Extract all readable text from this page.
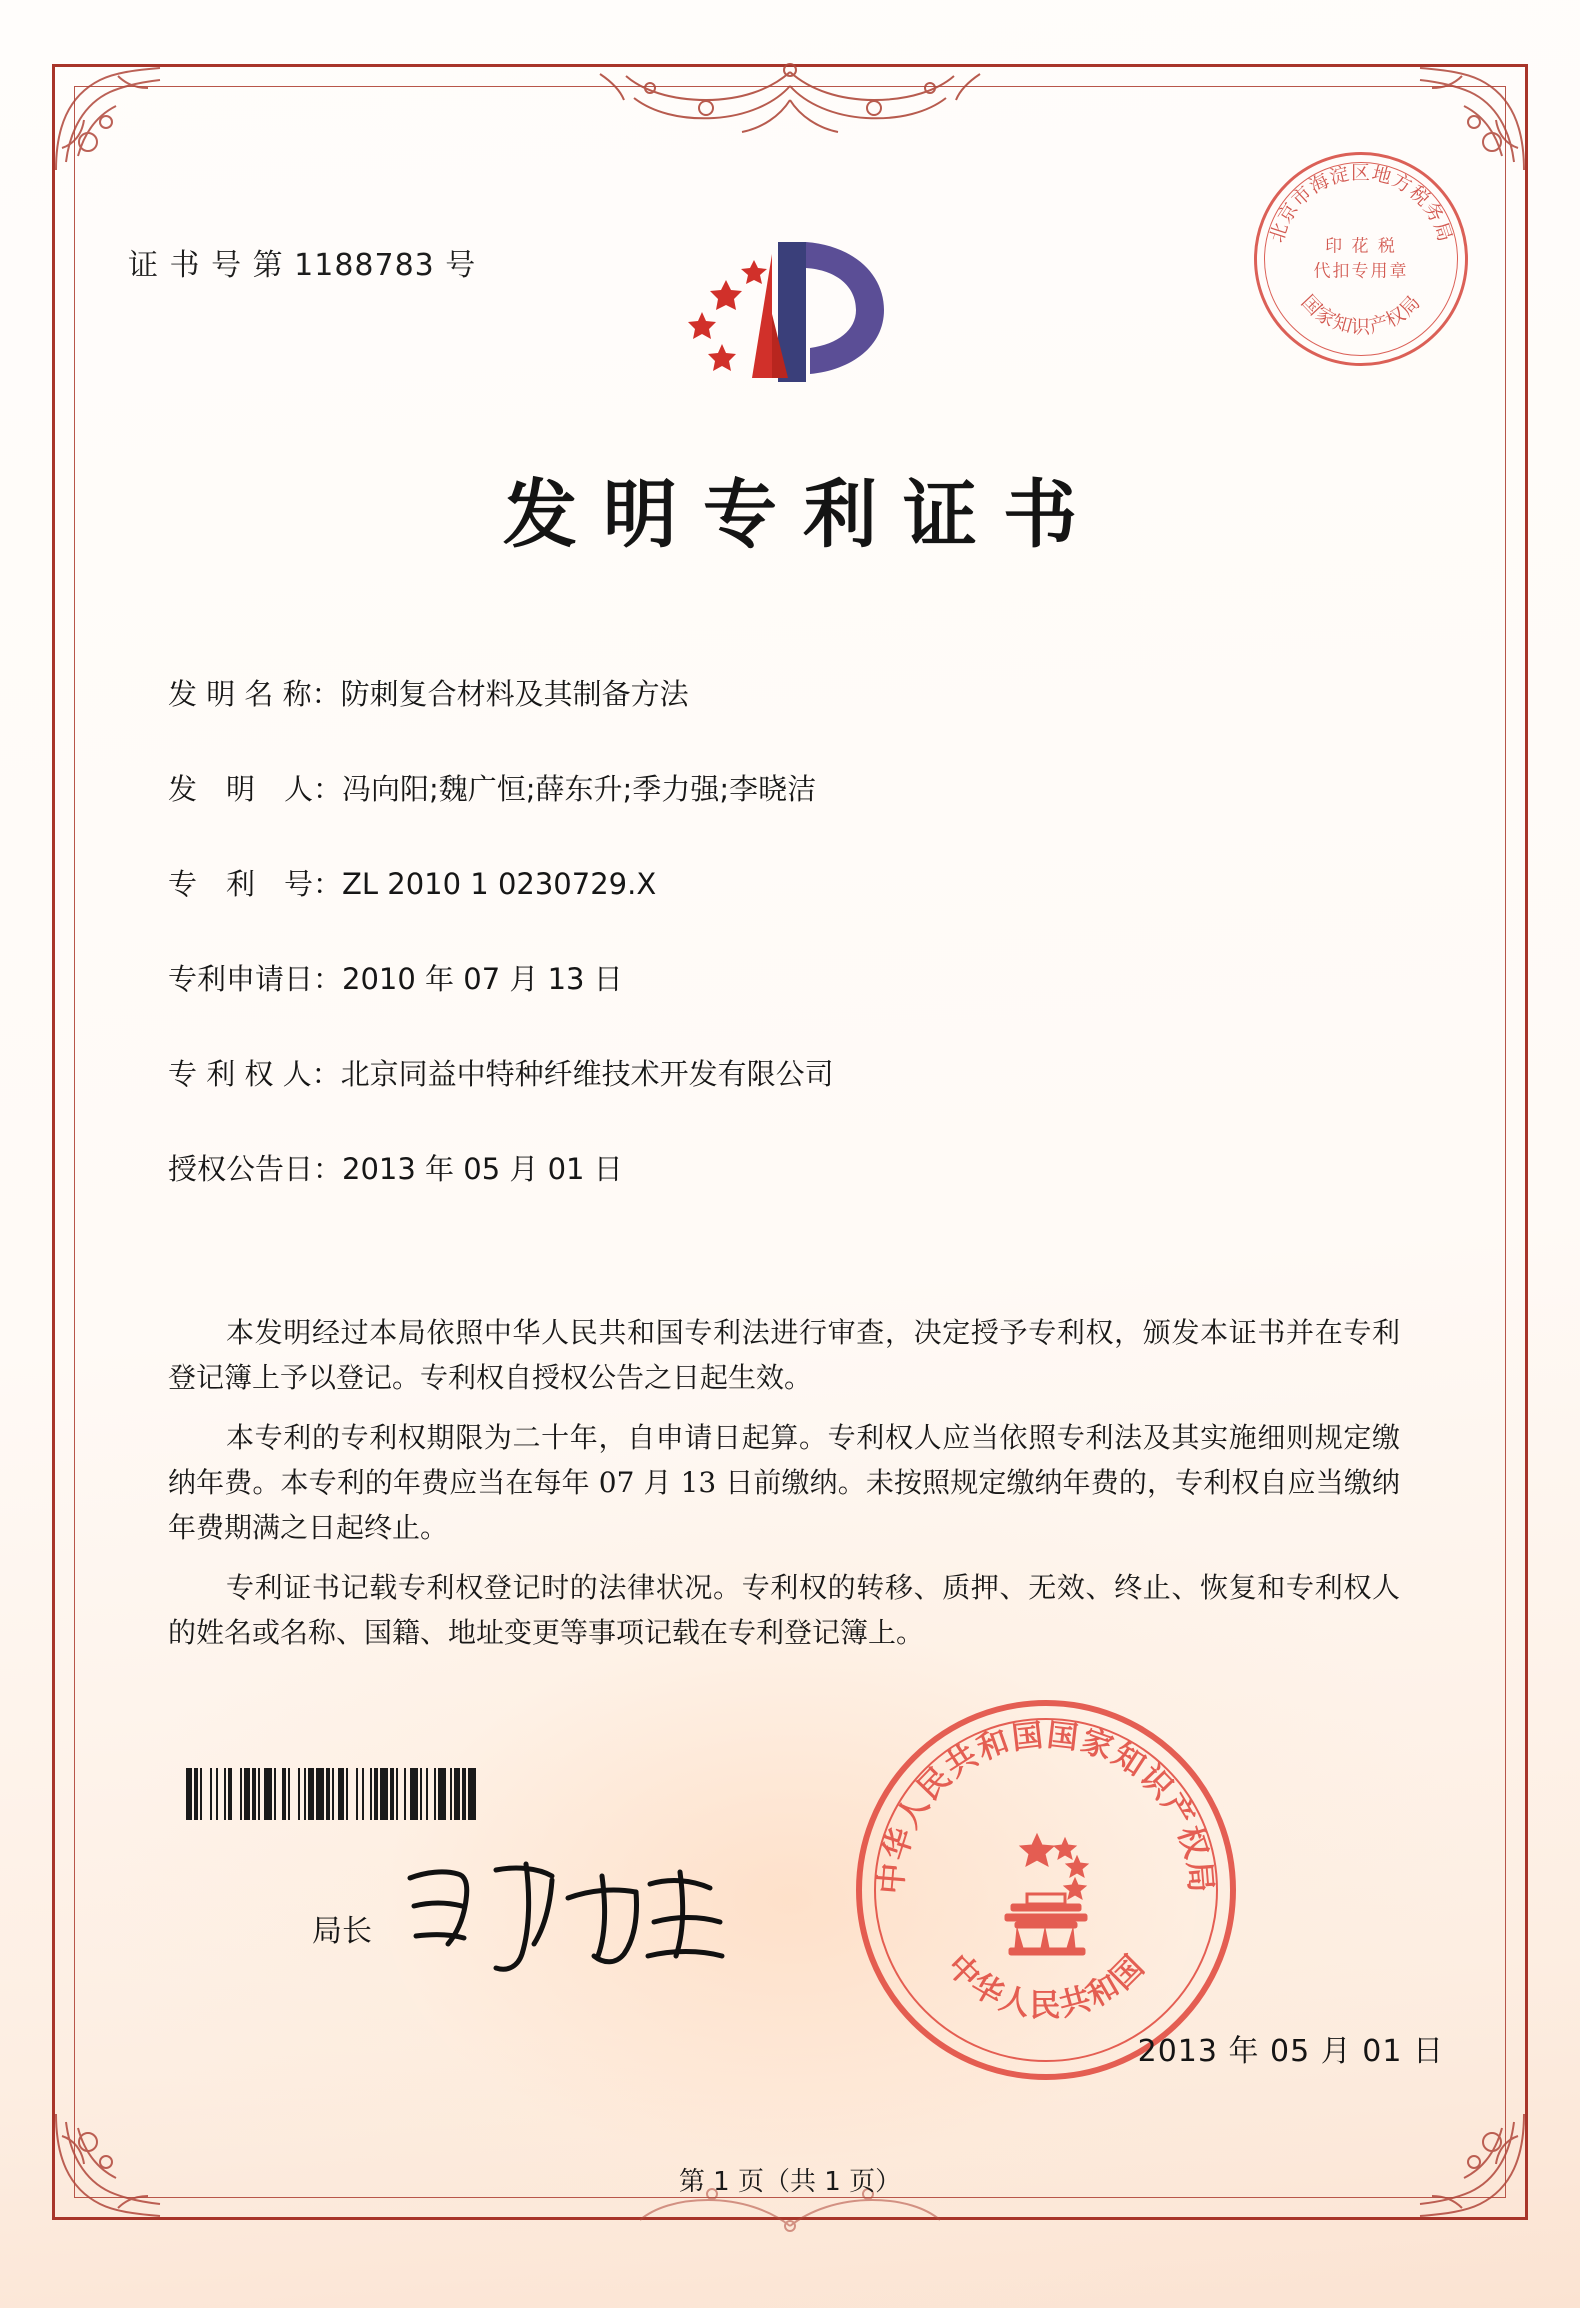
证 书 号 第 1188783 号
北京市海淀区地方税务局
国家知识产权局
印 花 税
代扣专用章
发明专利证书
发 明 名 称： 防刺复合材料及其制备方法
发　明　人： 冯向阳;魏广恒;薛东升;季力强;李晓洁
专　利　号： ZL 2010 1 0230729.X
专利申请日： 2010 年 07 月 13 日
专 利 权 人： 北京同益中特种纤维技术开发有限公司
授权公告日： 2013 年 05 月 01 日

本发明经过本局依照中华人民共和国专利法进行审查，决定授予专利权，颁发本证书并在专利登记簿上予以登记。专利权自授权公告之日起生效。

本专利的专利权期限为二十年，自申请日起算。专利权人应当依照专利法及其实施细则规定缴纳年费。本专利的年费应当在每年 07 月 13 日前缴纳。未按照规定缴纳年费的，专利权自应当缴纳年费期满之日起终止。

专利证书记载专利权登记时的法律状况。专利权的转移、质押、无效、终止、恢复和专利权人的姓名或名称、国籍、地址变更等事项记载在专利登记簿上。

局长
中华人民共和国国家知识产权局
中华人民共和国
2013 年 05 月 01 日
第 1 页（共 1 页）
